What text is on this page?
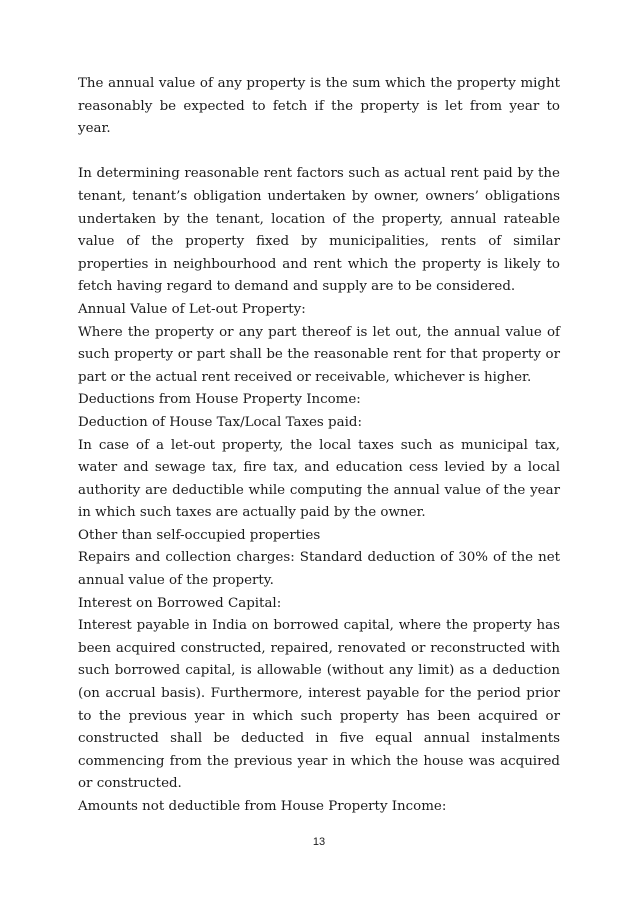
The annual value of any property is the sum which the property might reasonably be expected to fetch if the property is let from year to year.

In determining reasonable rent factors such as actual rent paid by the tenant, tenant’s obligation undertaken by owner, owners’ obligations undertaken by the tenant, location of the property, annual rateable value of the property fixed by municipalities, rents of similar properties in neighbourhood and rent which the property is likely to fetch having regard to demand and supply are to be considered.

Annual Value of Let-out Property:

Where the property or any part thereof is let out, the annual value of such property or part shall be the reasonable rent for that property or part or the actual rent received or receivable, whichever is higher.

Deductions from House Property Income:

Deduction of House Tax/Local Taxes paid:

In case of a let-out property, the local taxes such as municipal tax, water and sewage tax, fire tax, and education cess levied by a local authority are deductible while computing the annual value of the year in which such taxes are actually paid by the owner.

Other than self-occupied properties

Repairs and collection charges: Standard deduction of 30% of the net annual value of the property.

Interest on Borrowed Capital:

Interest payable in India on borrowed capital, where the property has been acquired constructed, repaired, renovated or reconstructed with such borrowed capital, is allowable (without any limit) as a deduction (on accrual basis). Furthermore, interest payable for the period prior to the previous year in which such property has been acquired or constructed shall be deducted in five equal annual instalments commencing from the previous year in which the house was acquired or constructed.

Amounts not deductible from House Property Income:

13
